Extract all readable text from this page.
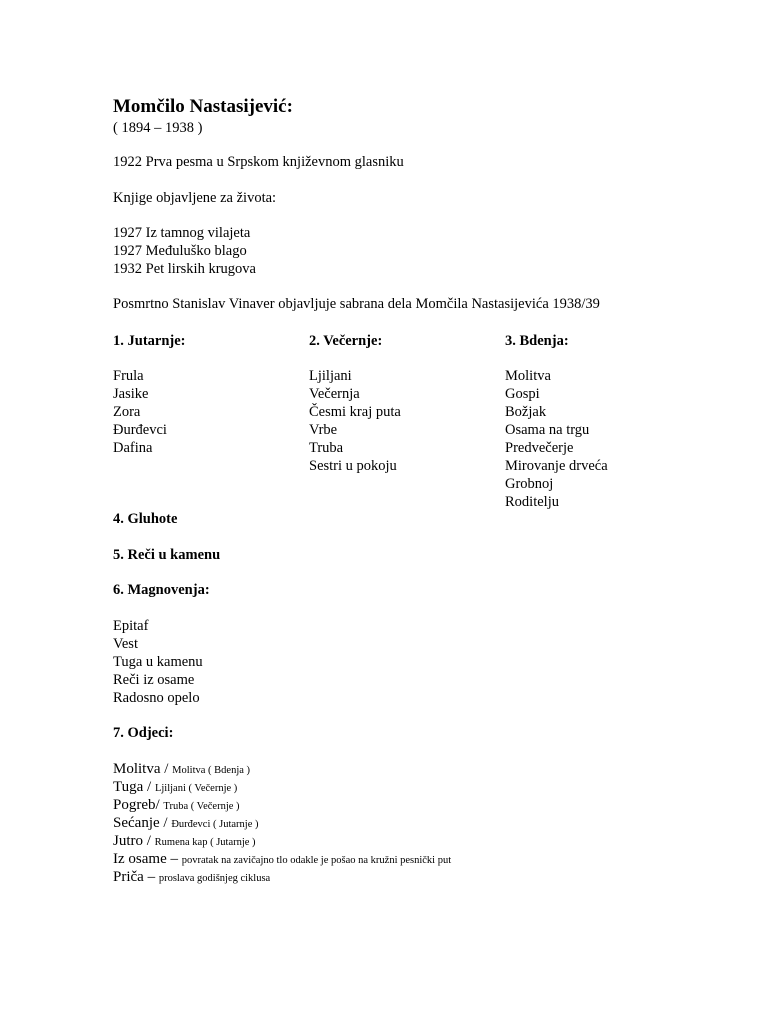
Momčilo Nastasijević:
( 1894 – 1938 )
1922 Prva pesma u Srpskom književnom glasniku
Knjige objavljene za života:
1927 Iz tamnog vilajeta
1927 Međuluško blago
1932 Pet lirskih krugova
Posmrtno Stanislav Vinaver objavljuje sabrana dela Momčila Nastasijevića 1938/39
1. Jutarnje:
Frula
Jasike
Zora
Đurđevci
Dafina
2. Večernje:
Ljiljani
Večernja
Česmi kraj puta
Vrbe
Truba
Sestri u pokoju
3. Bdenja:
Molitva
Gospi
Božjak
Osama na trgu
Predvečerje
Mirovanje drveća
Grobnoj
Roditelju
4. Gluhote
5. Reči u kamenu
6. Magnovenja:
Epitaf
Vest
Tuga u kamenu
Reči iz osame
Radosno opelo
7. Odjeci:
Molitva / Molitva ( Bdenja )
Tuga / Ljiljani ( Večernje )
Pogreb/ Truba ( Večernje )
Sećanje / Đurđevci ( Jutarnje )
Jutro / Rumena kap ( Jutarnje )
Iz osame – povratak na zavičajno tlo odakle je pošao na kružni pesnički put
Priča – proslava godišnjeg ciklusa
